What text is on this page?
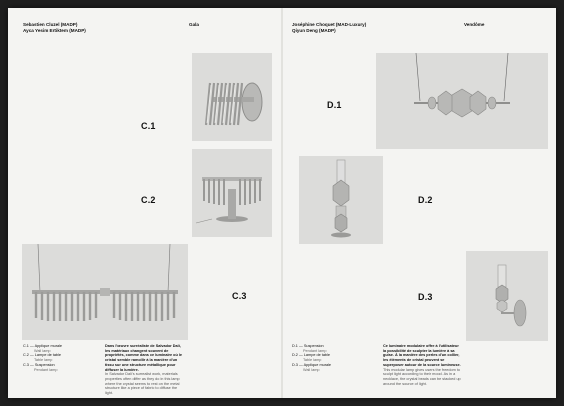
Sebastien Cluzel (MADP)
Ayca Yesim Ertiktem (MADP)
Gala
C.1
C.2
C.3
C.1 — Applique murale
Wall lamp
C.2 — Lampe de table
Table lamp
C.3 — Suspension
Pendant lamp
Dans l'œuvre surréaliste de Salvador Dalí, les matériaux changent souvent de propriétés, comme dans ce luminaire où le cristal semble ramollir à la manière d'un tissu sur une structure métallique pour diffuser la lumière.
In Salvador Dalí's surrealist work, materials properties often differ as they do in this lamp where the crystal seems to rest on the metal structure like a piece of fabric to diffuse the light.
Joséphine Choquet (MAD-Luxury)
Qiyun Deng (MADP)
Vendôme
D.1
D.2
D.3
D.1 — Suspension
Pendant lamp
D.2 — Lampe de table
Table lamp
D.3 — Applique murale
Wall lamp
Ce luminaire modulaire offre à l'utilisateur la possibilité de sculpter la lumière à sa guise. À la manière des perles d'un collier, les éléments de cristal peuvent se superposer autour de la source lumineuse.
This modular lamp gives users the freedom to sculpt light according to their mood. As in a necklace, the crystal beads can be stacked up around the source of light.
